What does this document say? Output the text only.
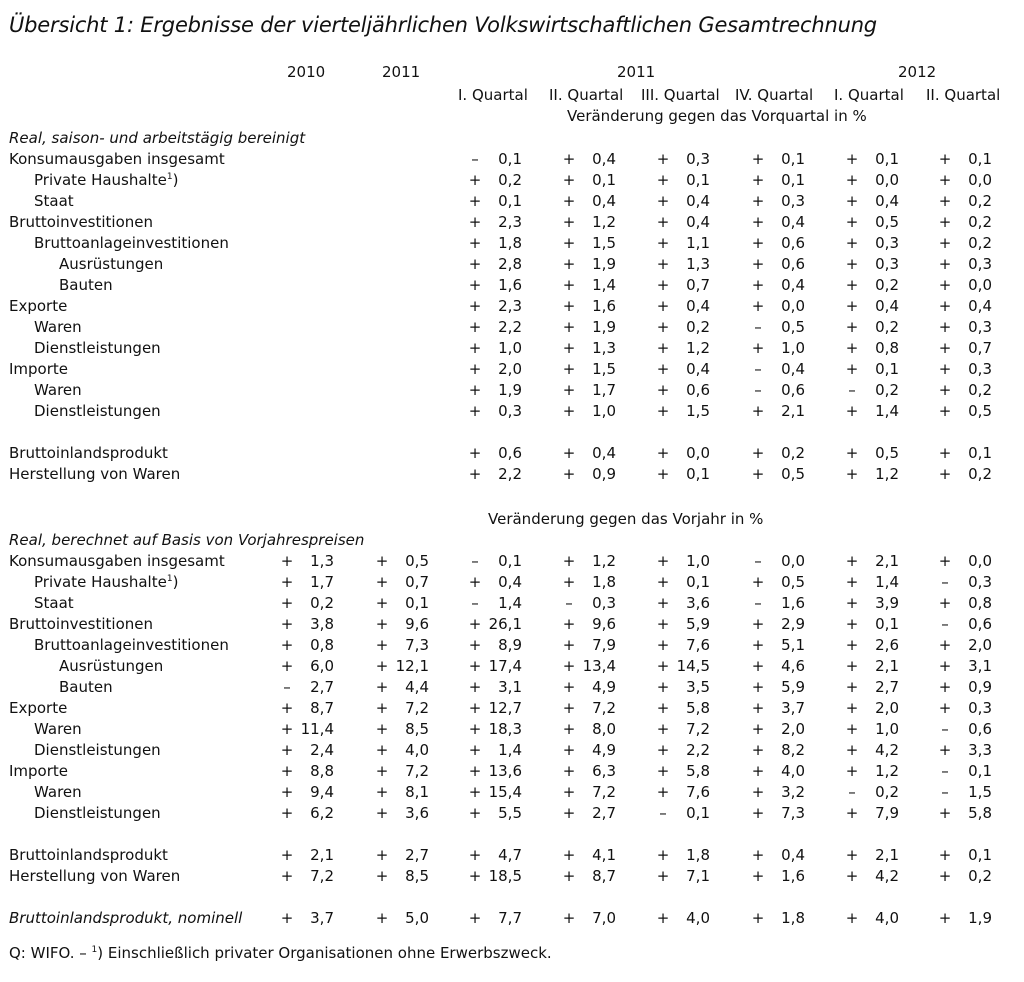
Übersicht 1: Ergebnisse der vierteljährlichen Volkswirtschaftlichen Gesamtrechnung
2010	2011	2011	2012
I. Quartal II. Quartal III. Quartal IV. Quartal I. Quartal II. Quartal
Veränderung gegen das Vorquartal in %
Real, saison- und arbeitstägig bereinigt
Konsumausgaben insgesamt	– 0,1	+ 0,4	+ 0,3	+ 0,1	+ 0,1	+ 0,1
Private Haushalte$^1$)	+ 0,2	+ 0,1	+ 0,1	+ 0,1	+ 0,0	+ 0,0
Staat	+ 0,1	+ 0,4	+ 0,4	+ 0,3	+ 0,4	+ 0,2
Bruttoinvestitionen	+ 2,3	+ 1,2	+ 0,4	+ 0,4	+ 0,5	+ 0,2
Bruttoanlageinvestitionen	+ 1,8	+ 1,5	+ 1,1	+ 0,6	+ 0,3	+ 0,2
Ausrüstungen	+ 2,8	+ 1,9	+ 1,3	+ 0,6	+ 0,3	+ 0,3
Bauten	+ 1,6	+ 1,4	+ 0,7	+ 0,4	+ 0,2	+ 0,0
Exporte	+ 2,3	+ 1,6	+ 0,4	+ 0,0	+ 0,4	+ 0,4
Waren	+ 2,2	+ 1,9	+ 0,2	– 0,5	+ 0,2	+ 0,3
Dienstleistungen	+ 1,0	+ 1,3	+ 1,2	+ 1,0	+ 0,8	+ 0,7
Importe	+ 2,0	+ 1,5	+ 0,4	– 0,4	+ 0,1	+ 0,3
Waren	+ 1,9	+ 1,7	+ 0,6	– 0,6	– 0,2	+ 0,2
Dienstleistungen	+ 0,3	+ 1,0	+ 1,5	+ 2,1	+ 1,4	+ 0,5
Bruttoinlandsprodukt	+ 0,6	+ 0,4	+ 0,0	+ 0,2	+ 0,5	+ 0,1
Herstellung von Waren	+ 2,2	+ 0,9	+ 0,1	+ 0,5	+ 1,2	+ 0,2
Veränderung gegen das Vorjahr in %
Real, berechnet auf Basis von Vorjahrespreisen
Konsumausgaben insgesamt	+ 1,3	+ 0,5	– 0,1	+ 1,2	+ 1,0	– 0,0	+ 2,1	+ 0,0
Private Haushalte$^1$)	+ 1,7	+ 0,7	+ 0,4	+ 1,8	+ 0,1	+ 0,5	+ 1,4	– 0,3
Staat	+ 0,2	+ 0,1	– 1,4	– 0,3	+ 3,6	– 1,6	+ 3,9	+ 0,8
Bruttoinvestitionen	+ 3,8	+ 9,6	+ 26,1	+ 9,6	+ 5,9	+ 2,9	+ 0,1	– 0,6
Bruttoanlageinvestitionen	+ 0,8	+ 7,3	+ 8,9	+ 7,9	+ 7,6	+ 5,1	+ 2,6	+ 2,0
Ausrüstungen	+ 6,0	+ 12,1	+ 17,4	+ 13,4	+ 14,5	+ 4,6	+ 2,1	+ 3,1
Bauten	– 2,7	+ 4,4	+ 3,1	+ 4,9	+ 3,5	+ 5,9	+ 2,7	+ 0,9
Exporte	+ 8,7	+ 7,2	+ 12,7	+ 7,2	+ 5,8	+ 3,7	+ 2,0	+ 0,3
Waren	+ 11,4	+ 8,5	+ 18,3	+ 8,0	+ 7,2	+ 2,0	+ 1,0	– 0,6
Dienstleistungen	+ 2,4	+ 4,0	+ 1,4	+ 4,9	+ 2,2	+ 8,2	+ 4,2	+ 3,3
Importe	+ 8,8	+ 7,2	+ 13,6	+ 6,3	+ 5,8	+ 4,0	+ 1,2	– 0,1
Waren	+ 9,4	+ 8,1	+ 15,4	+ 7,2	+ 7,6	+ 3,2	– 0,2	– 1,5
Dienstleistungen	+ 6,2	+ 3,6	+ 5,5	+ 2,7	– 0,1	+ 7,3	+ 7,9	+ 5,8
Bruttoinlandsprodukt	+ 2,1	+ 2,7	+ 4,7	+ 4,1	+ 1,8	+ 0,4	+ 2,1	+ 0,1
Herstellung von Waren	+ 7,2	+ 8,5	+ 18,5	+ 8,7	+ 7,1	+ 1,6	+ 4,2	+ 0,2
Bruttoinlandsprodukt, nominell	+ 3,7	+ 5,0	+ 7,7	+ 7,0	+ 4,0	+ 1,8	+ 4,0	+ 1,9
Q: WIFO. – $^1$) Einschließlich privater Organisationen ohne Erwerbszweck.
